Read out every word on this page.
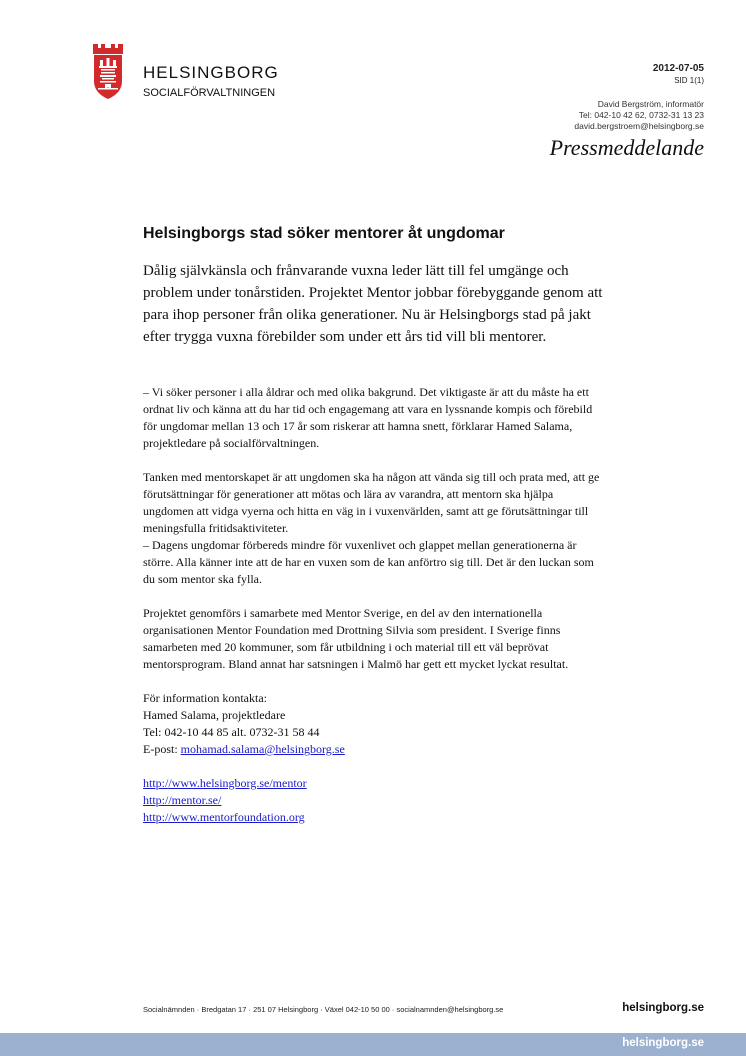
HELSINGBORG
SOCIALFÖRVALTNINGEN
2012-07-05
SID 1(1)
David Bergström, informatör
Tel: 042-10 42 62, 0732-31 13 23
david.bergstroem@helsingborg.se
Pressmeddelande
Helsingborgs stad söker mentorer åt ungdomar

Dålig självkänsla och frånvarande vuxna leder lätt till fel umgänge och problem under tonårstiden. Projektet Mentor jobbar förebyggande genom att para ihop personer från olika generationer. Nu är Helsingborgs stad på jakt efter trygga vuxna förebilder som under ett års tid vill bli mentorer.

– Vi söker personer i alla åldrar och med olika bakgrund. Det viktigaste är att du måste ha ett ordnat liv och känna att du har tid och engagemang att vara en lyssnande kompis och förebild för ungdomar mellan 13 och 17 år som riskerar att hamna snett, förklarar Hamed Salama, projektledare på socialförvaltningen.

Tanken med mentorskapet är att ungdomen ska ha någon att vända sig till och prata med, att ge förutsättningar för generationer att mötas och lära av varandra, att mentorn ska hjälpa ungdomen att vidga vyerna och hitta en väg in i vuxenvärlden, samt att ge förutsättningar till meningsfulla fritidsaktiviteter.

– Dagens ungdomar förbereds mindre för vuxenlivet och glappet mellan generationerna är större. Alla känner inte att de har en vuxen som de kan anförtro sig till. Det är den luckan som du som mentor ska fylla.

Projektet genomförs i samarbete med Mentor Sverige, en del av den internationella organisationen Mentor Foundation med Drottning Silvia som president. I Sverige finns samarbeten med 20 kommuner, som får utbildning i och material till ett väl beprövat mentorsprogram. Bland annat har satsningen i Malmö har gett ett mycket lyckat resultat.

För information kontakta:
Hamed Salama, projektledare
Tel: 042-10 44 85 alt. 0732-31 58 44
E-post: mohamad.salama@helsingborg.se

http://www.helsingborg.se/mentor
http://mentor.se/
http://www.mentorfoundation.org

Socialnämnden · Bredgatan 17 · 251 07 Helsingborg · Växel 042-10 50 00 · socialnamnden@helsingborg.se	helsingborg.se
helsingborg.se
